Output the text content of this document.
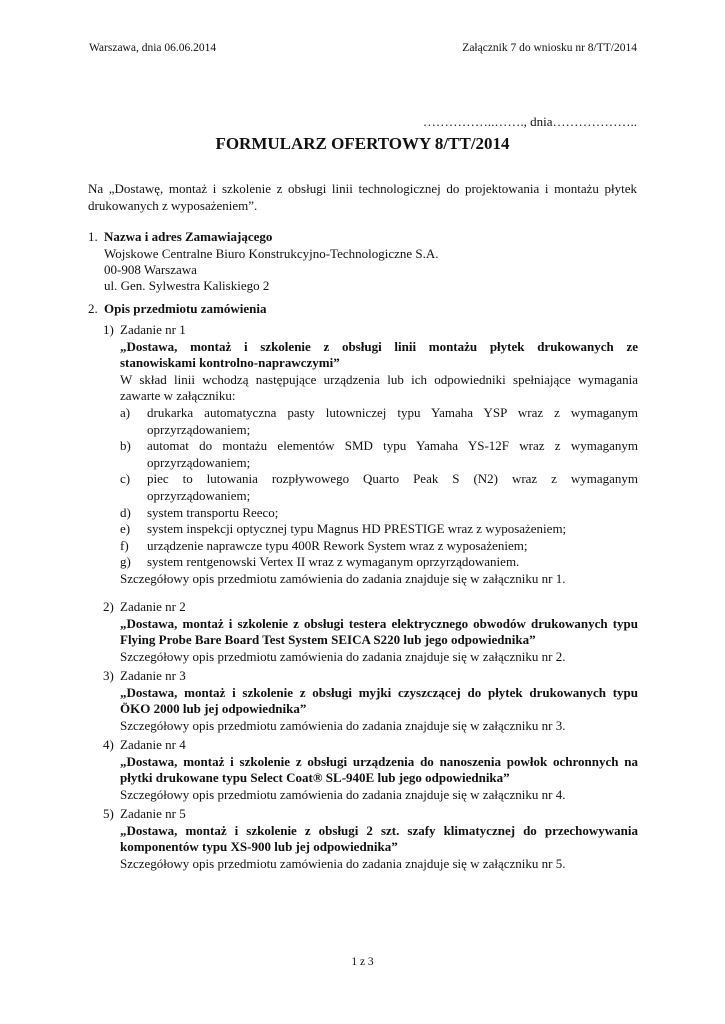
Warszawa, dnia 06.06.2014	Załącznik 7 do wniosku nr 8/TT/2014
……………..……., dnia………………..
FORMULARZ OFERTOWY 8/TT/2014
Na „Dostawę, montaż i szkolenie z obsługi linii technologicznej do projektowania i montażu płytek drukowanych z wyposażeniem”.
1. Nazwa i adres Zamawiającego
Wojskowe Centralne Biuro Konstrukcyjno-Technologiczne S.A.
00-908 Warszawa
ul. Gen. Sylwestra Kaliskiego 2
2. Opis przedmiotu zamówienia
1) Zadanie nr 1
„Dostawa, montaż i szkolenie z obsługi linii montażu płytek drukowanych ze
stanowiskami kontrolno-naprawczymi”
W skład linii wchodzą następujące urządzenia lub ich odpowiedniki spełniające wymagania
zawarte w załączniku:
a) drukarka automatyczna pasty lutowniczej typu Yamaha YSP wraz z wymaganym
oprzyrządowaniem;
b) automat do montażu elementów SMD typu Yamaha YS-12F wraz z wymaganym
oprzyrządowaniem;
c) piec to lutowania rozpływowego Quarto Peak S (N2) wraz z wymaganym
oprzyrządowaniem;
d) system transportu Reeco;
e) system inspekcji optycznej typu Magnus HD PRESTIGE wraz z wyposażeniem;
f) urządzenie naprawcze typu 400R Rework System wraz z wyposażeniem;
g) system rentgenowski Vertex II wraz z wymaganym oprzyrządowaniem.
Szczegółowy opis przedmiotu zamówienia do zadania znajduje się w załączniku nr 1.
2) Zadanie nr 2
„Dostawa, montaż i szkolenie z obsługi testera elektrycznego obwodów drukowanych typu
Flying Probe Bare Board Test System SEICA S220 lub jego odpowiednika”
Szczegółowy opis przedmiotu zamówienia do zadania znajduje się w załączniku nr 2.
3) Zadanie nr 3
„Dostawa, montaż i szkolenie z obsługi myjki czyszczącej do płytek drukowanych typu
ÖKO 2000 lub jej odpowiednika”
Szczegółowy opis przedmiotu zamówienia do zadania znajduje się w załączniku nr 3.
4) Zadanie nr 4
„Dostawa, montaż i szkolenie z obsługi urządzenia do nanoszenia powłok ochronnych na
płytki drukowane typu Select Coat® SL-940E lub jego odpowiednika”
Szczegółowy opis przedmiotu zamówienia do zadania znajduje się w załączniku nr 4.
5) Zadanie nr 5
„Dostawa, montaż i szkolenie z obsługi 2 szt. szafy klimatycznej do przechowywania
komponentów typu XS-900 lub jej odpowiednika”
Szczegółowy opis przedmiotu zamówienia do zadania znajduje się w załączniku nr 5.
1 z 3
